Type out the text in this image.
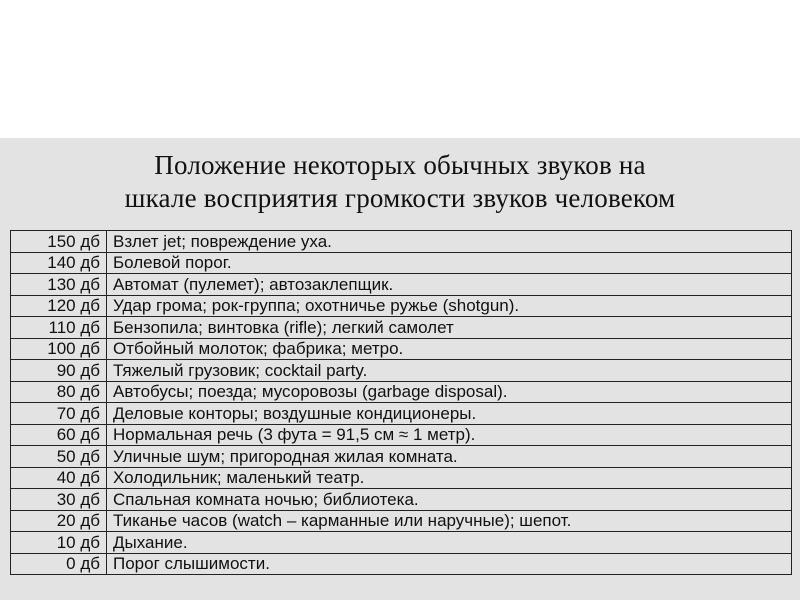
Положение некоторых обычных звуков на
шкале восприятия громкости звуков человеком
150 дб	Взлет jet; повреждение уха.
140 дб	Болевой порог.
130 дб	Автомат (пулемет); автозаклепщик.
120 дб	Удар грома; рок-группа; охотничье ружье (shotgun).
110 дб	Бензопила; винтовка (rifle); легкий самолет
100 дб	Отбойный молоток; фабрика; метро.
90 дб	Тяжелый грузовик; cocktail party.
80 дб	Автобусы; поезда; мусоровозы (garbage disposal).
70 дб	Деловые конторы; воздушные кондиционеры.
60 дб	Нормальная речь (3 фута = 91,5 см ≈ 1 метр).
50 дб	Уличные шум; пригородная жилая комната.
40 дб	Холодильник; маленький театр.
30 дб	Спальная комната ночью; библиотека.
20 дб	Тиканье часов (watch – карманные или наручные); шепот.
10 дб	Дыхание.
0 дб	Порог слышимости.
